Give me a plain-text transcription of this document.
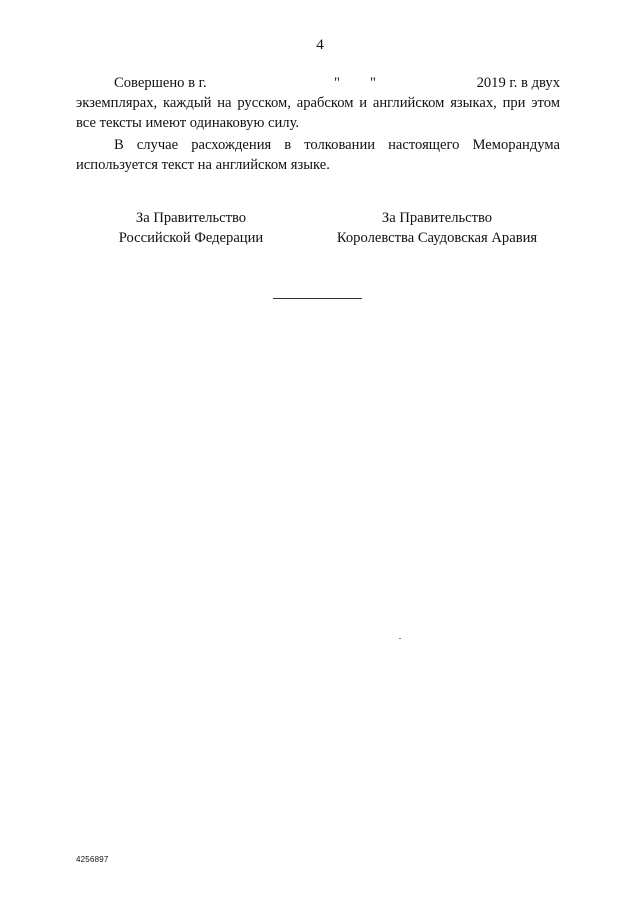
4
Совершено в г.	" "	2019 г. в двух
экземплярах, каждый на русском, арабском и английском языках, при этом
все тексты имеют одинаковую силу.
В случае расхождения в толковании настоящего Меморандума
используется текст на английском языке.
За Правительство
Российской Федерации
За Правительство
Королевства Саудовская Аравия
4256897
